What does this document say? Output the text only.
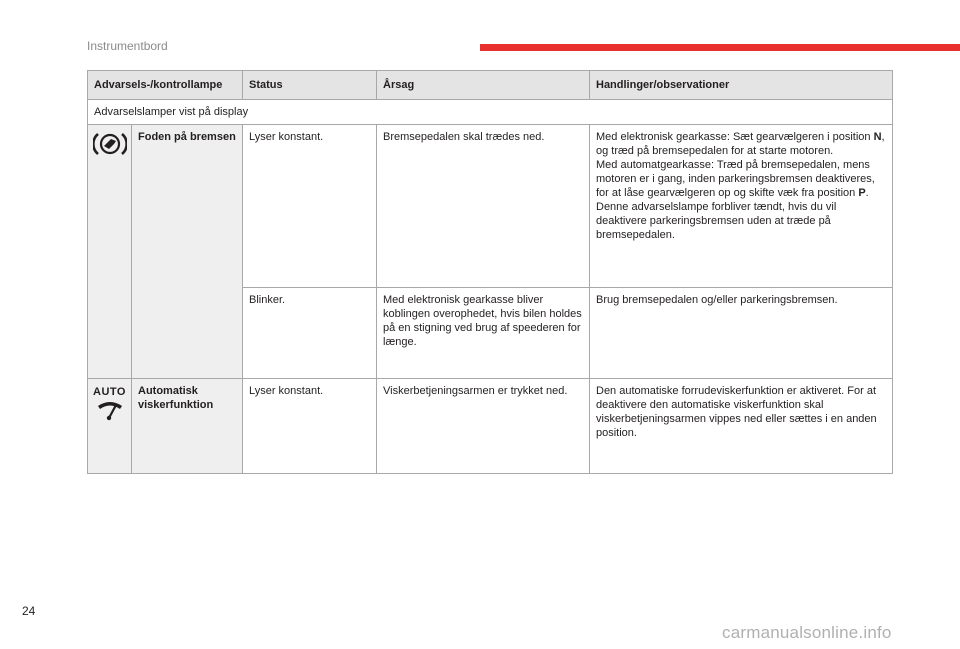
Instrumentbord
Advarsels-/kontrollampe		Status	Årsag	Handlinger/observationer
Advarselslamper vist på display				
	Foden på bremsen	Lyser konstant.	Bremsepedalen skal trædes ned.	Med elektronisk gearkasse: Sæt gearvælgeren i position N, og træd på bremsepedalen for at starte motoren.
Med automatgearkasse: Træd på bremsepedalen, mens motoren er i gang, inden parkeringsbremsen deaktiveres, for at låse gearvælgeren op og skifte væk fra position P.
Denne advarselslampe forbliver tændt, hvis du vil deaktivere parkeringsbremsen uden at træde på bremsepedalen.
		Blinker.	Med elektronisk gearkasse bliver koblingen overophedet, hvis bilen holdes på en stigning ved brug af speederen for længe.	Brug bremsepedalen og/eller parkeringsbremsen.

AUTO	Automatisk viskerfunktion	Lyser konstant.	Viskerbetjeningsarmen er trykket ned.	Den automatiske forrudeviskerfunktion er aktiveret. For at deaktivere den automatiske viskerfunktion skal viskerbetjeningsarmen vippes ned eller sættes i en anden position.
24
carmanualsonline.info
